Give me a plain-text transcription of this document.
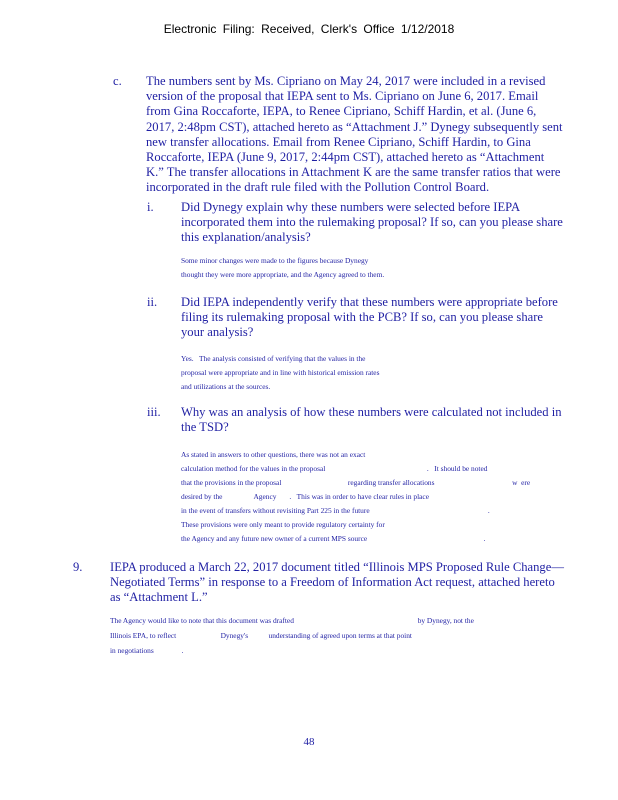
Electronic Filing: Received, Clerk's Office 1/12/2018
c. The numbers sent by Ms. Cipriano on May 24, 2017 were included in a revised version of the proposal that IEPA sent to Ms. Cipriano on June 6, 2017. Email from Gina Roccaforte, IEPA, to Renee Cipriano, Schiff Hardin, et al. (June 6, 2017, 2:48pm CST), attached hereto as “Attachment J.” Dynegy subsequently sent new transfer allocations. Email from Renee Cipriano, Schiff Hardin, to Gina Roccaforte, IEPA (June 9, 2017, 2:44pm CST), attached hereto as “Attachment K.” The transfer allocations in Attachment K are the same transfer ratios that were incorporated in the draft rule filed with the Pollution Control Board.
i. Did Dynegy explain why these numbers were selected before IEPA incorporated them into the rulemaking proposal? If so, can you please share this explanation/analysis?
Some minor changes were made to the figures because Dynegy
thought they were more appropriate, and the Agency agreed to them.
ii. Did IEPA independently verify that these numbers were appropriate before filing its rulemaking proposal with the PCB? If so, can you please share your analysis?
Yes.   The analysis consisted of verifying that the values in the
proposal were appropriate and in line with historical emission rates
and utilizations at the sources.
iii. Why was an analysis of how these numbers were calculated not included in the TSD?
As stated in answers to other questions, there was not an exact
calculation method for the values in the proposal                                                       .   It should be noted
that the provisions in the proposal                                    regarding transfer allocations                                          w  ere
desired by the                 Agency       .   This was in order to have clear rules in place
in the event of transfers without revisiting Part 225 in the future                                                                .
These provisions were only meant to provide regulatory certainty for
the Agency and any future new owner of a current MPS source                                                               .
9. IEPA produced a March 22, 2017 document titled “Illinois MPS Proposed Rule Change—Negotiated Terms” in response to a Freedom of Information Act request, attached hereto as “Attachment L.”
The Agency would like to note that this document was drafted                                                                   by Dynegy, not the
Illinois EPA, to reflect                        Dynegy's           understanding of agreed upon terms at that point
in negotiations               .
48
